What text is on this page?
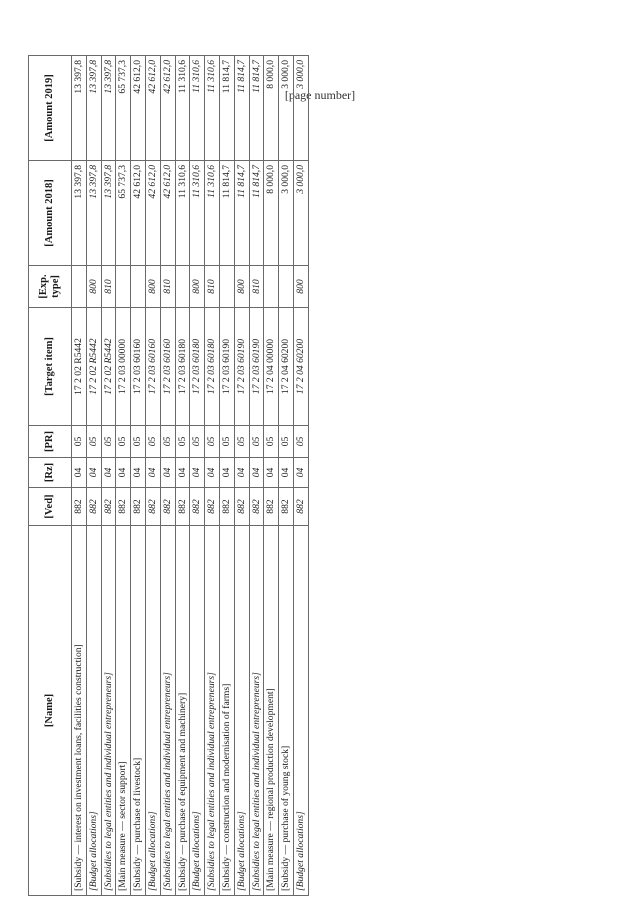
[page number]
[Name]	[Ved]	[Rz]	[PR]	[Target item]	[Exp. type]	[Amount 2018]	[Amount 2019]
[Subsidy — interest on investment loans, facilities construction]	882	04	05	17 2 02 R5442		13 397,8	13 397,8
[Budget allocations]	882	04	05	17 2 02 R5442	800	13 397,8	13 397,8
[Subsidies to legal entities and individual entrepreneurs]	882	04	05	17 2 02 R5442	810	13 397,8	13 397,8
[Main measure — sector support]	882	04	05	17 2 03 00000		65 737,3	65 737,3
[Subsidy — purchase of livestock]	882	04	05	17 2 03 60160		42 612,0	42 612,0
[Budget allocations]	882	04	05	17 2 03 60160	800	42 612,0	42 612,0
[Subsidies to legal entities and individual entrepreneurs]	882	04	05	17 2 03 60160	810	42 612,0	42 612,0
[Subsidy — purchase of equipment and machinery]	882	04	05	17 2 03 60180		11 310,6	11 310,6
[Budget allocations]	882	04	05	17 2 03 60180	800	11 310,6	11 310,6
[Subsidies to legal entities and individual entrepreneurs]	882	04	05	17 2 03 60180	810	11 310,6	11 310,6
[Subsidy — construction and modernisation of farms]	882	04	05	17 2 03 60190		11 814,7	11 814,7
[Budget allocations]	882	04	05	17 2 03 60190	800	11 814,7	11 814,7
[Subsidies to legal entities and individual entrepreneurs]	882	04	05	17 2 03 60190	810	11 814,7	11 814,7
[Main measure — regional production development]	882	04	05	17 2 04 00000		8 000,0	8 000,0
[Subsidy — purchase of young stock]	882	04	05	17 2 04 60200		3 000,0	3 000,0
[Budget allocations]	882	04	05	17 2 04 60200	800	3 000,0	3 000,0
